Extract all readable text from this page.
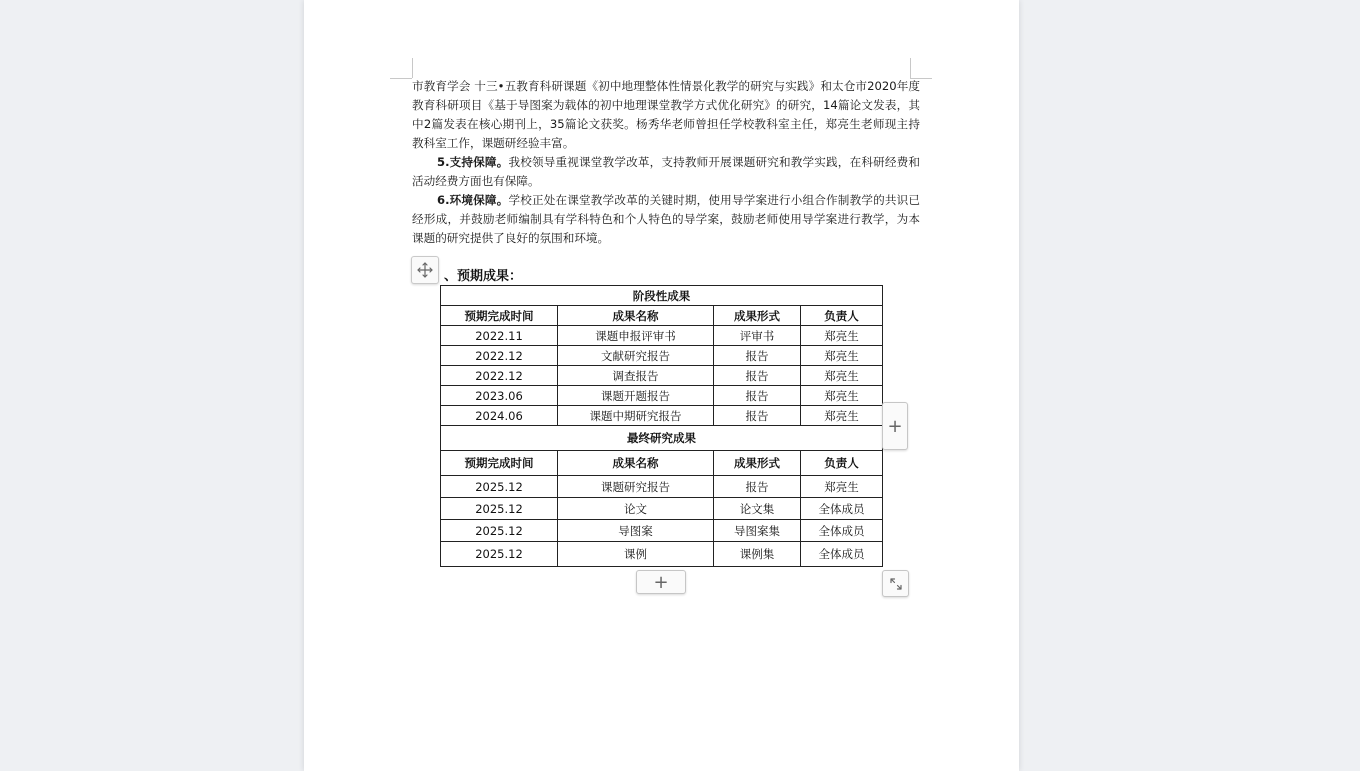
市教育学会 十三•五教育科研课题《初中地理整体性情景化教学的研究与实践》和太仓市2020年度教育科研项目《基于导图案为载体的初中地理课堂教学方式优化研究》的研究，14篇论文发表，其中2篇发表在核心期刊上，35篇论文获奖。杨秀华老师曾担任学校教科室主任，郑亮生老师现主持教科室工作，课题研经验丰富。

5.支持保障。我校领导重视课堂教学改革，支持教师开展课题研究和教学实践，在科研经费和活动经费方面也有保障。

6.环境保障。学校正处在课堂教学改革的关键时期，使用导学案进行小组合作制教学的共识已经形成，并鼓励老师编制具有学科特色和个人特色的导学案，鼓励老师使用导学案进行教学，为本课题的研究提供了良好的氛围和环境。

、预期成果：
阶段性成果			
预期完成时间	成果名称	成果形式	负责人
2022.11	课题申报评审书	评审书	郑亮生
2022.12	文献研究报告	报告	郑亮生
2022.12	调查报告	报告	郑亮生
2023.06	课题开题报告	报告	郑亮生
2024.06	课题中期研究报告	报告	郑亮生
最终研究成果			
预期完成时间	成果名称	成果形式	负责人
2025.12	课题研究报告	报告	郑亮生
2025.12	论文	论文集	全体成员
2025.12	导图案	导图案集	全体成员
2025.12	课例	课例集	全体成员
+
+
